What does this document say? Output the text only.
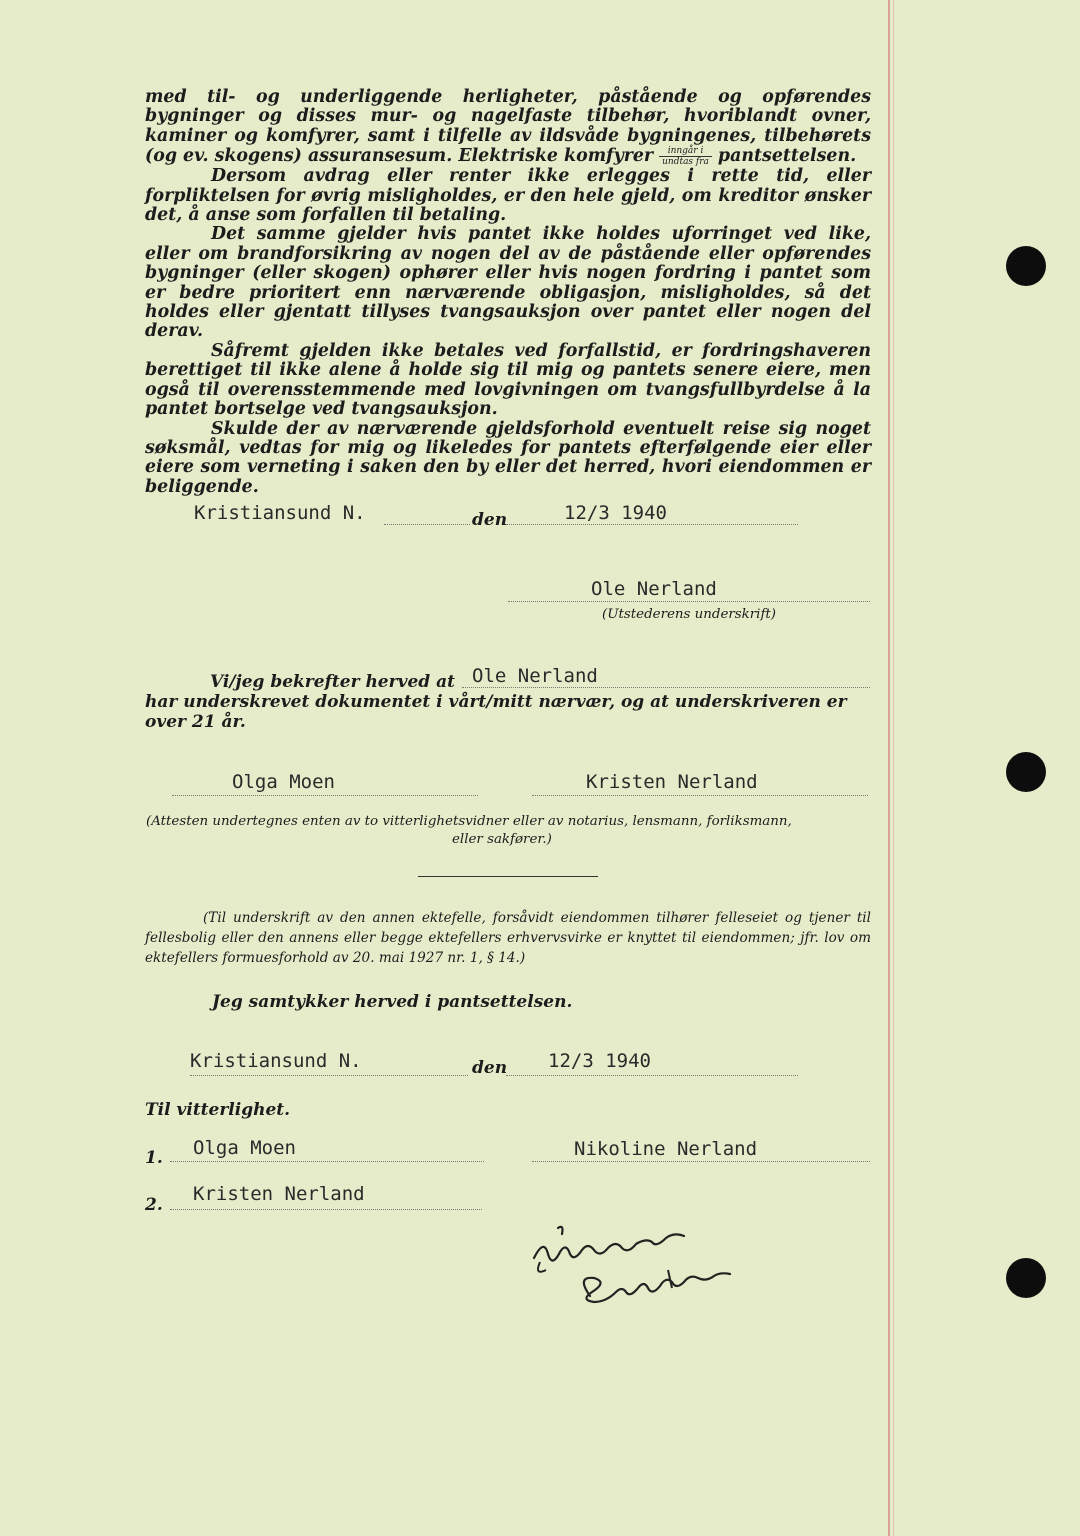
med til- og underliggende herligheter, påstående og opførendes bygninger og disses mur- og nagelfaste tilbehør, hvoriblandt ovner, kaminer og komfyrer, samt i tilfelle av ildsvåde bygningenes, tilbehørets (og ev. skogens) assuransesum. Elektriske komfyrer $\frac{\text{inngår i}}{\text{undtas fra}}$ pantsettelsen.

Dersom avdrag eller renter ikke erlegges i rette tid, eller forpliktelsen for øvrig misligholdes, er den hele gjeld, om kreditor ønsker det, å anse som forfallen til betaling.

Det samme gjelder hvis pantet ikke holdes uforringet ved like, eller om brandforsikring av nogen del av de påstående eller opførendes bygninger (eller skogen) ophører eller hvis nogen fordring i pantet som er bedre prioritert enn nærværende obligasjon, misligholdes, så det holdes eller gjentatt tillyses tvangsauksjon over pantet eller nogen del derav.

Såfremt gjelden ikke betales ved forfallstid, er fordringshaveren berettiget til ikke alene å holde sig til mig og pantets senere eiere, men også til overensstemmende med lovgivningen om tvangsfullbyrdelse å la pantet bortselge ved tvangsauksjon.

Skulde der av nærværende gjeldsforhold eventuelt reise sig noget søksmål, vedtas for mig og likeledes for pantets efterfølgende eier eller eiere som verneting i saken den by eller det herred, hvori eiendommen er beliggende.

Kristiansund N.	den	12/3 1940
Ole Nerland
(Utstederens underskrift)
Vi/jeg bekrefter herved at Ole Nerland
har underskrevet dokumentet i vårt/mitt nærvær, og at underskriveren er over 21 år.
Olga Moen	Kristen Nerland
(Attesten undertegnes enten av to vitterlighetsvidner eller av notarius, lensmann, forliksmann,
eller sakfører.)

(Til underskrift av den annen ektefelle, forsåvidt eiendommen tilhører felleseiet og tjener til fellesbolig eller den annens eller begge ektefellers erhvervsvirke er knyttet til eiendommen; jfr. lov om ektefellers formuesforhold av 20. mai 1927 nr. 1, § 14.)

Jeg samtykker herved i pantsettelsen.
Kristiansund N.	den 12/3 1940
Til vitterlighet.
1. Olga Moen	Nikoline Nerland
2. Kristen Nerland
